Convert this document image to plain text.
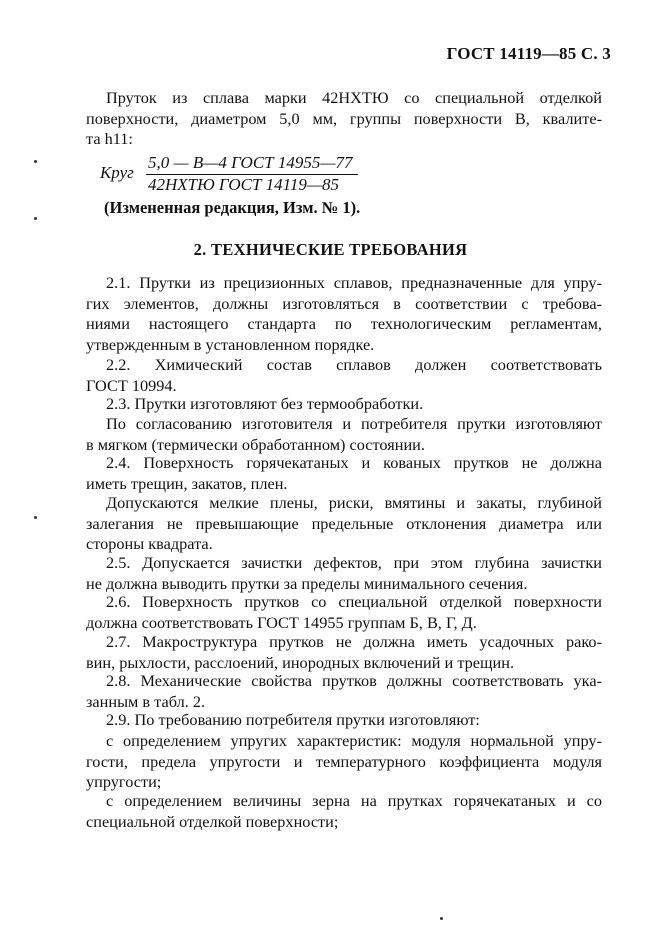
ГОСТ 14119—85 С. 3
Пруток из сплава марки 42НХТЮ со специальной отделкой
поверхности, диаметром 5,0 мм, группы поверхности В, квалите-
та h11:
Круг
5,0 — В—4 ГОСТ 14955—77
42НХТЮ ГОСТ 14119—85
(Измененная редакция, Изм. № 1).
2. ТЕХНИЧЕСКИЕ ТРЕБОВАНИЯ
2.1. Прутки из прецизионных сплавов, предназначенные для упру-
гих элементов, должны изготовляться в соответствии с требова-
ниями настоящего стандарта по технологическим регламентам,
утвержденным в установленном порядке.
2.2. Химический состав сплавов должен соответствовать
ГОСТ 10994.
2.3. Прутки изготовляют без термообработки.
По согласованию изготовителя и потребителя прутки изготовляют
в мягком (термически обработанном) состоянии.
2.4. Поверхность горячекатаных и кованых прутков не должна
иметь трещин, закатов, плен.
Допускаются мелкие плены, риски, вмятины и закаты, глубиной
залегания не превышающие предельные отклонения диаметра или
стороны квадрата.
2.5. Допускается зачистки дефектов, при этом глубина зачистки
не должна выводить прутки за пределы минимального сечения.
2.6. Поверхность прутков со специальной отделкой поверхности
должна соответствовать ГОСТ 14955 группам Б, В, Г, Д.
2.7. Макроструктура прутков не должна иметь усадочных рако-
вин, рыхлости, расслоений, инородных включений и трещин.
2.8. Механические свойства прутков должны соответствовать ука-
занным в табл. 2.
2.9. По требованию потребителя прутки изготовляют:
с определением упругих характеристик: модуля нормальной упру-
гости, предела упругости и температурного коэффициента модуля
упругости;
с определением величины зерна на прутках горячекатаных и со
специальной отделкой поверхности;
